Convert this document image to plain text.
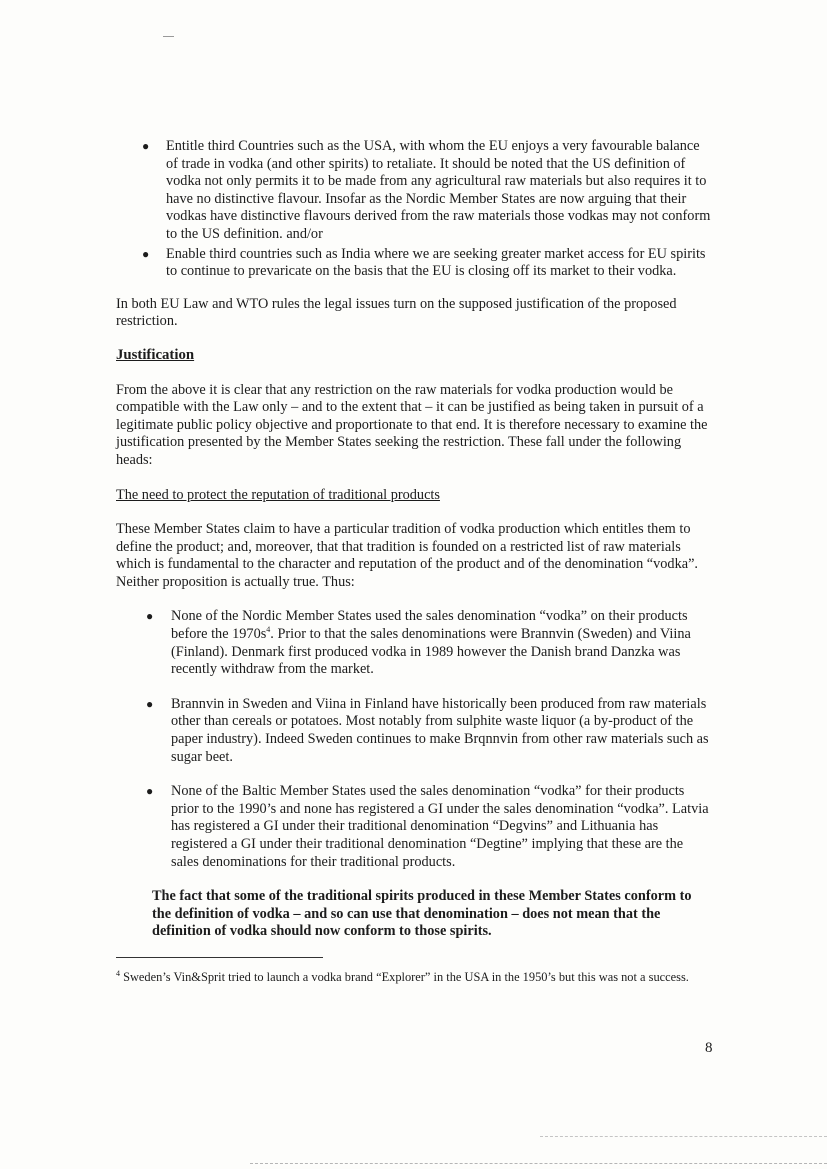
● Entitle third Countries such as the USA, with whom the EU enjoys a very favourable balance of trade in vodka (and other spirits) to retaliate. It should be noted that the US definition of vodka not only permits it to be made from any agricultural raw materials but also requires it to have no distinctive flavour. Insofar as the Nordic Member States are now arguing that their vodkas have distinctive flavours derived from the raw materials those vodkas may not conform to the US definition. and/or
● Enable third countries such as India where we are seeking greater market access for EU spirits to continue to prevaricate on the basis that the EU is closing off its market to their vodka.

In both EU Law and WTO rules the legal issues turn on the supposed justification of the proposed restriction.

Justification

From the above it is clear that any restriction on the raw materials for vodka production would be compatible with the Law only – and to the extent that – it can be justified as being taken in pursuit of a legitimate public policy objective and proportionate to that end. It is therefore necessary to examine the justification presented by the Member States seeking the restriction. These fall under the following heads:

The need to protect the reputation of traditional products

These Member States claim to have a particular tradition of vodka production which entitles them to define the product; and, moreover, that that tradition is founded on a restricted list of raw materials which is fundamental to the character and reputation of the product and of the denomination “vodka”. Neither proposition is actually true. Thus:

● None of the Nordic Member States used the sales denomination “vodka” on their products before the $1970s^4$. Prior to that the sales denominations were Brannvin (Sweden) and Viina (Finland). Denmark first produced vodka in 1989 however the Danish brand Danzka was recently withdraw from the market.
● Brannvin in Sweden and Viina in Finland have historically been produced from raw materials other than cereals or potatoes. Most notably from sulphite waste liquor (a by-product of the paper industry). Indeed Sweden continues to make Brqnnvin from other raw materials such as sugar beet.
● None of the Baltic Member States used the sales denomination “vodka” for their products prior to the 1990’s and none has registered a GI under the sales denomination “vodka”. Latvia has registered a GI under their traditional denomination “Degvins” and Lithuania has registered a GI under their traditional denomination “Degtine” implying that these are the sales denominations for their traditional products.

The fact that some of the traditional spirits produced in these Member States conform to the definition of vodka – and so can use that denomination – does not mean that the definition of vodka should now conform to those spirits.

$^4$ Sweden’s Vin&Sprit tried to launch a vodka brand “Explorer” in the USA in the 1950’s but this was not a success.

8
